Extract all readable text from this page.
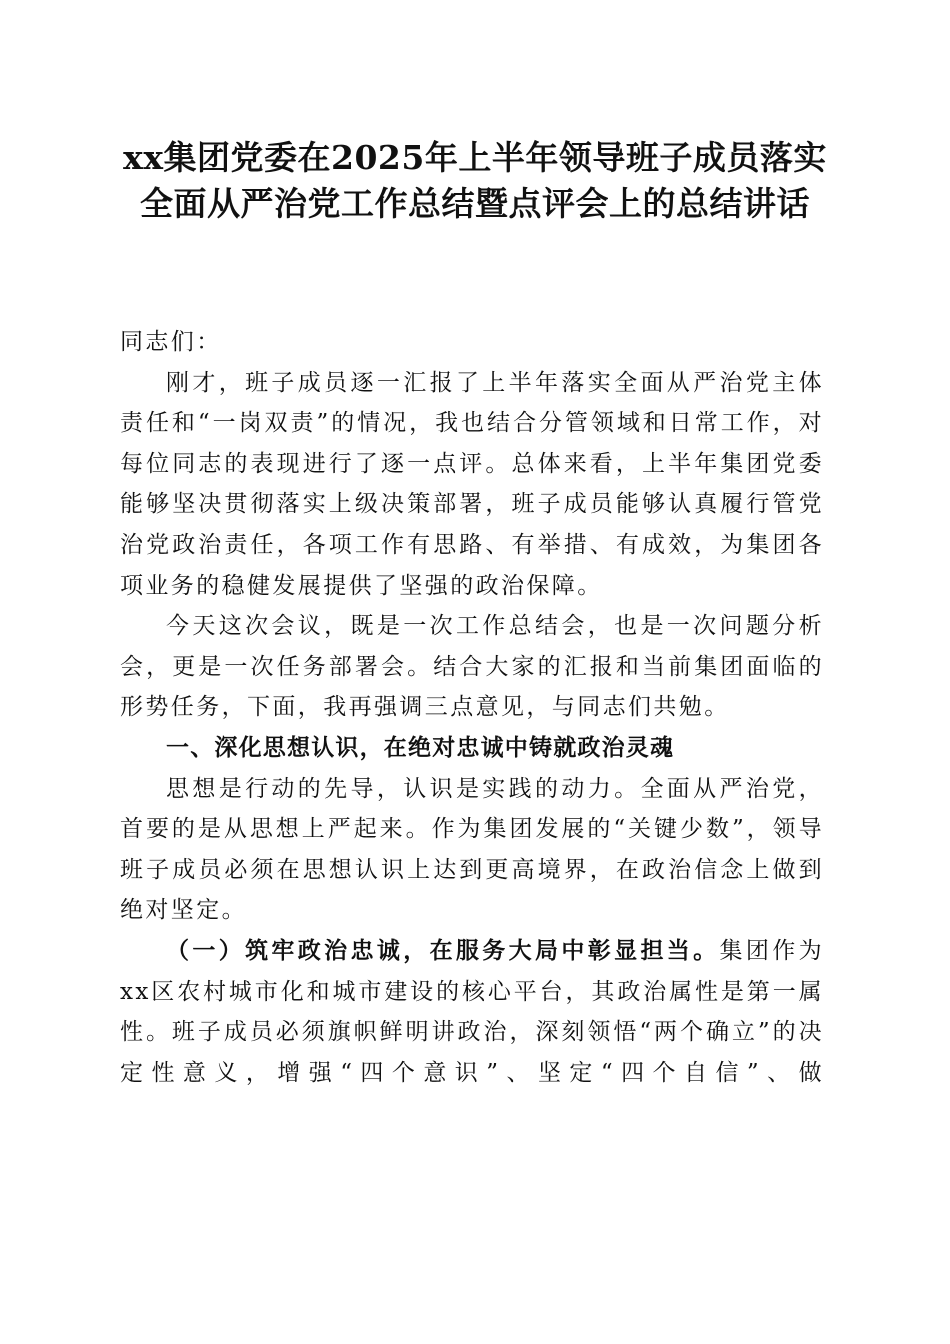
xx集团党委在2025年上半年领导班子成员落实全面从严治党工作总结暨点评会上的总结讲话

同志们：

刚才，班子成员逐一汇报了上半年落实全面从严治党主体责任和“一岗双责”的情况，我也结合分管领域和日常工作，对每位同志的表现进行了逐一点评。总体来看，上半年集团党委能够坚决贯彻落实上级决策部署，班子成员能够认真履行管党治党政治责任，各项工作有思路、有举措、有成效，为集团各项业务的稳健发展提供了坚强的政治保障。

今天这次会议，既是一次工作总结会，也是一次问题分析会，更是一次任务部署会。结合大家的汇报和当前集团面临的形势任务，下面，我再强调三点意见，与同志们共勉。

一、深化思想认识，在绝对忠诚中铸就政治灵魂

思想是行动的先导，认识是实践的动力。全面从严治党，首要的是从思想上严起来。作为集团发展的“关键少数”，领导班子成员必须在思想认识上达到更高境界，在政治信念上做到绝对坚定。

（一）筑牢政治忠诚，在服务大局中彰显担当。集团作为xx区农村城市化和城市建设的核心平台，其政治属性是第一属性。班子成员必须旗帜鲜明讲政治，深刻领悟“两个确立”的决定性意义，增强“四个意识”、坚定“四个自信”、做
